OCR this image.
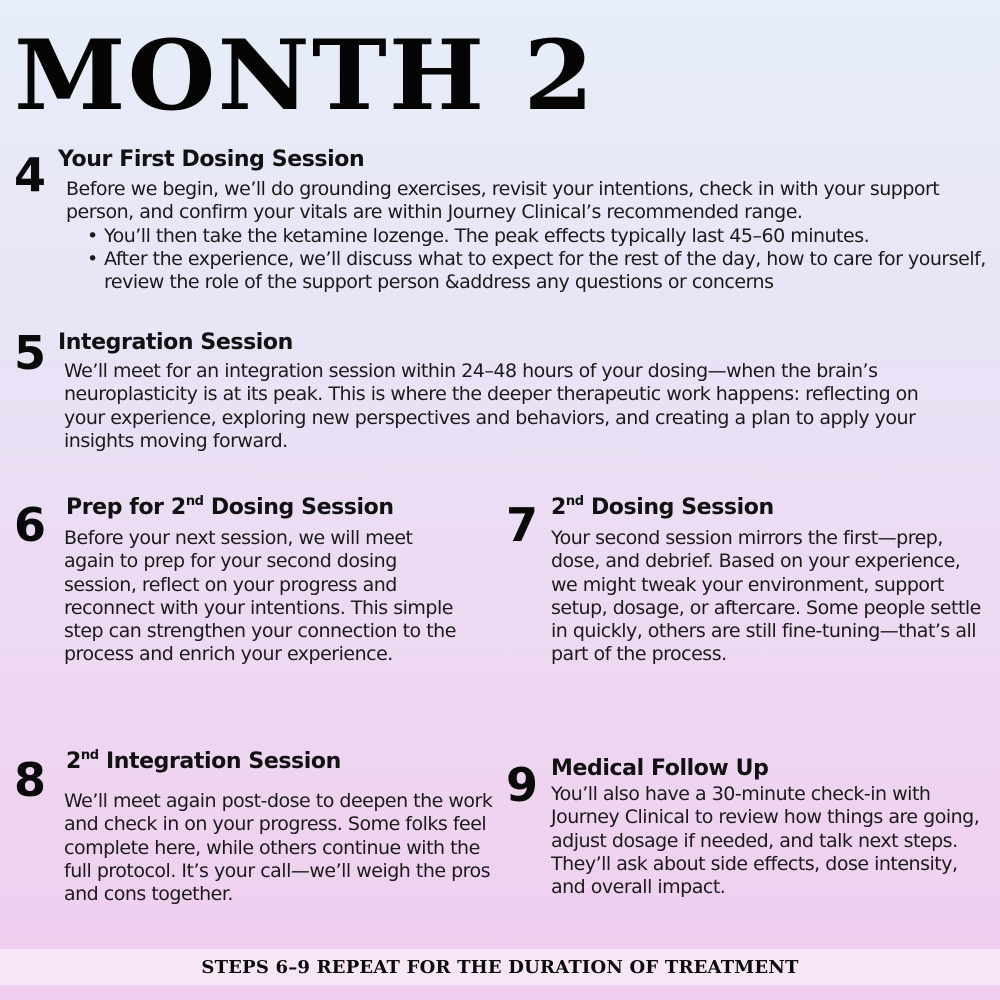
MONTH 2
4 Your First Dosing Session

Before we begin, we’ll do grounding exercises, revisit your intentions, check in with your support person, and confirm your vitals are within Journey Clinical’s recommended range.

• You’ll then take the ketamine lozenge. The peak effects typically last 45–60 minutes.
• After the experience, we’ll discuss what to expect for the rest of the day, how to care for yourself, review the role of the support person &address any questions or concerns
5 Integration Session
We’ll meet for an integration session within 24–48 hours of your dosing—when the brain’s neuroplasticity is at its peak. This is where the deeper therapeutic work happens: reflecting on your experience, exploring new perspectives and behaviors, and creating a plan to apply your insights moving forward.
6 Prep for 2nd Dosing Session
Before your next session, we will meet again to prep for your second dosing session, reflect on your progress and reconnect with your intentions. This simple step can strengthen your connection to the process and enrich your experience.
7 2nd Dosing Session
Your second session mirrors the first—prep, dose, and debrief. Based on your experience, we might tweak your environment, support setup, dosage, or aftercare. Some people settle in quickly, others are still fine-tuning—that’s all part of the process.
8 2nd Integration Session
We’ll meet again post-dose to deepen the work and check in on your progress. Some folks feel complete here, while others continue with the full protocol. It’s your call—we’ll weigh the pros and cons together.
9 Medical Follow Up
You’ll also have a 30-minute check-in with Journey Clinical to review how things are going, adjust dosage if needed, and talk next steps. They’ll ask about side effects, dose intensity, and overall impact.
STEPS 6–9 REPEAT FOR THE DURATION OF TREATMENT
